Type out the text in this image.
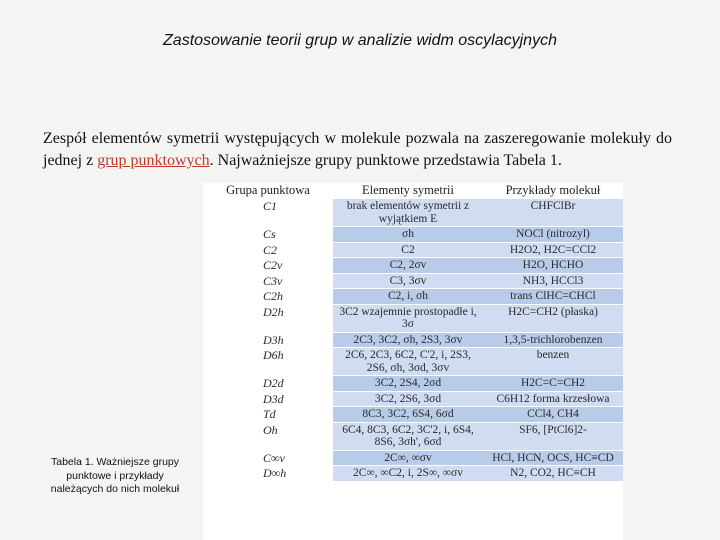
Zastosowanie teorii grup w analizie widm oscylacyjnych
Zespół elementów symetrii występujących w molekule pozwala na zaszeregowanie molekuły do jednej z grup punktowych. Najważniejsze grupy punktowe przedstawia Tabela 1.
Tabela 1. Ważniejsze grupy punktowe i przykłady należących do nich molekuł
Grupa punktowa	Elementy symetrii	Przykłady molekuł
C1	brak elementów symetrii z wyjątkiem E	CHFClBr
Cs	σh	NOCl (nitrozyl)
C2	C2	H2O2, H2C=CCl2
C2v	C2, 2σv	H2O, HCHO
C3v	C3, 3σv	NH3, HCCl3
C2h	C2, i, σh	trans ClHC=CHCl
D2h	3C2 wzajemnie prostopadłe i, 3σ	H2C=CH2 (płaska)
D3h	2C3, 3C2, σh, 2S3, 3σv	1,3,5-trichlorobenzen
D6h	2C6, 2C3, 6C2, C'2, i, 2S3, 2S6, σh, 3σd, 3σv	benzen
D2d	3C2, 2S4, 2σd	H2C=C=CH2
D3d	3C2, 2S6, 3σd	C6H12 forma krzesłowa
Td	8C3, 3C2, 6S4, 6σd	CCl4, CH4
Oh	6C4, 8C3, 6C2, 3C'2, i, 6S4, 8S6, 3σh', 6σd	SF6, [PtCl6]2-
C∞v	2C∞, ∞σv	HCl, HCN, OCS, HC≡CD
D∞h	2C∞, ∞C2, i, 2S∞, ∞σv	N2, CO2, HC≡CH
